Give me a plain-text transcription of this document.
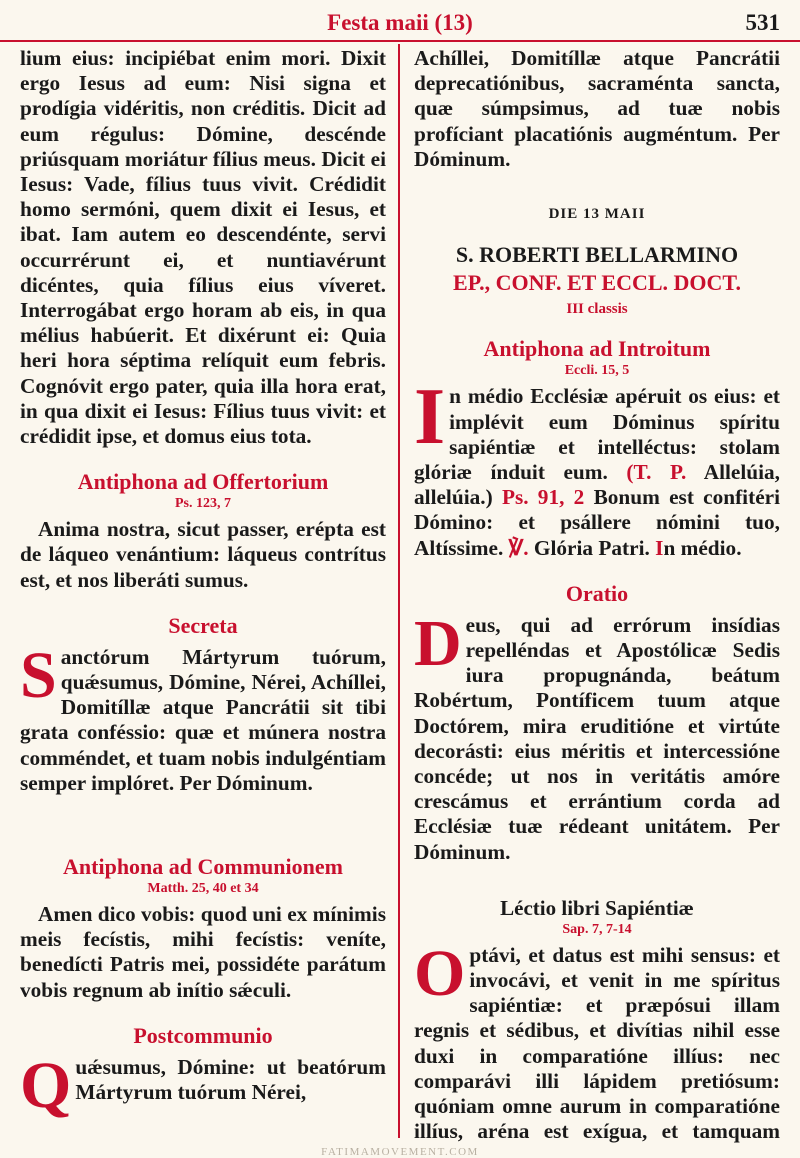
Festa maii (13)	531

lium eius: incipiébat enim mori. Dixit ergo Iesus ad eum: Nisi signa et prodígia vidéritis, non créditis. Dicit ad eum régulus: Dómine, descénde priúsquam moriátur fílius meus. Dicit ei Iesus: Vade, fílius tuus vivit. Crédidit homo sermóni, quem dixit ei Iesus, et ibat. Iam autem eo descendénte, servi occurrérunt ei, et nuntiavérunt dicéntes, quia fílius eius víveret. Interrogábat ergo horam ab eis, in qua mélius habúerit. Et dixérunt ei: Quia heri hora séptima relíquit eum febris. Cognóvit ergo pater, quia illa hora erat, in qua dixit ei Iesus: Fílius tuus vivit: et crédidit ipse, et domus eius tota.

Antiphona ad Offertorium
Ps. 123, 7

Anima nostra, sicut passer, erépta est de láqueo venántium: láqueus contrítus est, et nos liberáti sumus.

Secreta

Sanctórum Mártyrum tuórum, quǽsumus, Dómine, Nérei, Achíllei, Domitíllæ atque Pancrátii sit tibi grata conféssio: quæ et múnera nostra comméndet, et tuam nobis indulgéntiam semper implóret. Per Dóminum.

Antiphona ad Communionem
Matth. 25, 40 et 34

Amen dico vobis: quod uni ex mínimis meis fecístis, mihi fecístis: veníte, benedícti Patris mei, possidéte parátum vobis regnum ab inítio sǽculi.

Postcommunio

Quǽsumus, Dómine: ut beatórum Mártyrum tuórum Nérei,

Achíllei, Domitíllæ atque Pancrátii deprecatiónibus, sacraménta sancta, quæ súmpsimus, ad tuæ nobis profíciant placatiónis augméntum. Per Dóminum.

DIE 13 MAII
S. ROBERTI BELLARMINO
EP., CONF. ET ECCL. DOCT.
III classis
Antiphona ad Introitum
Eccli. 15, 5

In médio Ecclésiæ apéruit os eius: et implévit eum Dóminus spíritu sapiéntiæ et intelléctus: stolam glóriæ índuit eum. (T. P. Allelúia, allelúia.) Ps. 91, 2 Bonum est confitéri Dómino: et psállere nómini tuo, Altíssime. ℣. Glória Patri. In médio.

Oratio

Deus, qui ad errórum insídias repelléndas et Apostólicæ Sedis iura propugnánda, beátum Robértum, Pontíficem tuum atque Doctórem, mira eruditióne et virtúte decorásti: eius méritis et intercessióne concéde; ut nos in veritátis amóre crescámus et errántium corda ad Ecclésiæ tuæ rédeant unitátem. Per Dóminum.

Léctio libri Sapiéntiæ
Sap. 7, 7-14

Optávi, et datus est mihi sensus: et invocávi, et venit in me spíritus sapiéntiæ: et præpósui illam regnis et sédibus, et divítias nihil esse duxi in comparatióne illíus: nec comparávi illi lápidem pretiósum: quóniam omne aurum in comparatióne illíus, aréna est exígua, et tamquam

FATIMAMOVEMENT.COM
